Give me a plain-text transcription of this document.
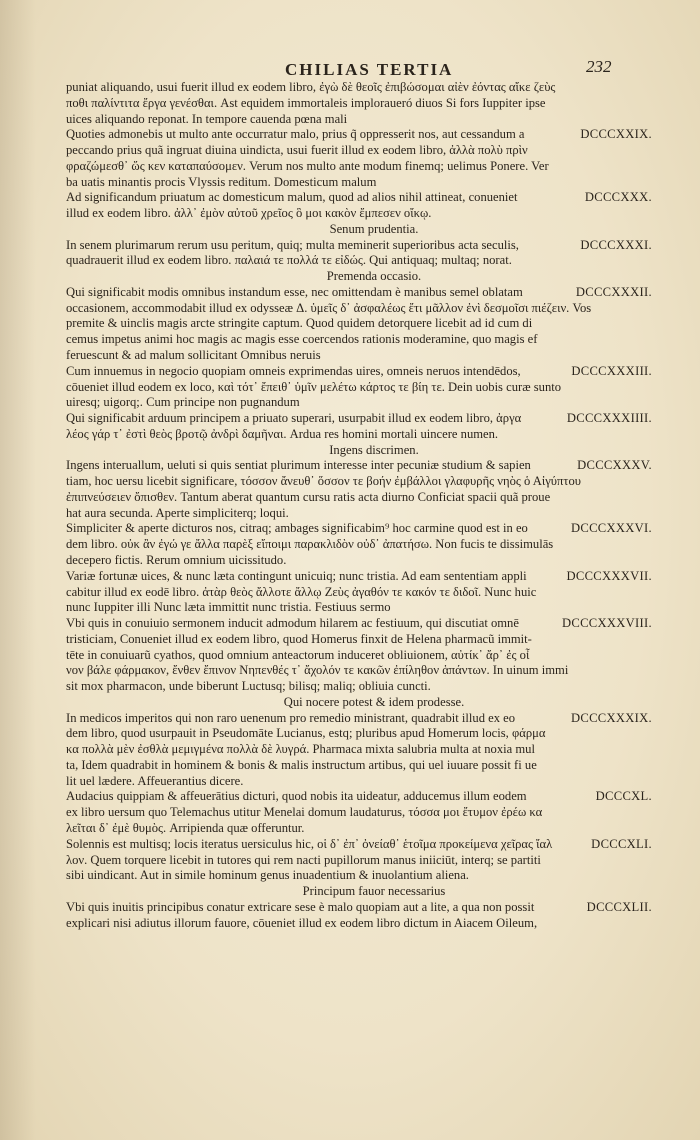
CHILIAS TERTIA	232
puniat aliquando, usui fuerit illud ex eodem libro, ἐγὼ δὲ θεοῖς ἐπιβώσομαι αἰὲν ἐόντας αἴκε ζεὺς
ποθι παλίντιτα ἔργα γενέσθαι. Ast equidem immortaleis imploraueró diuos Si fors Iuppiter ipse
uices aliquando reponat. In tempore cauenda pœna mali
Quoties admonebis ut multo ante occurratur malo, prius q̃ oppresserit nos, aut cessandum a	DCCCXXIX.
peccando prius quã ingruat diuina uindicta, usui fuerit illud ex eodem libro, ἀλλὰ πολὺ πρὶν
φραζώμεσθ᾽ ὥς κεν καταπαύσομεν. Verum nos multo ante modum finemq; uelimus Ponere. Ver
ba uatis minantis procis Vlyssis reditum. Domesticum malum
Ad significandum priuatum ac domesticum malum, quod ad alios nihil attineat, conueniet	DCCCXXX.
illud ex eodem libro. ἀλλ᾽ ἐμὸν αὐτοῦ χρεῖος ὃ μοι κακὸν ἔμπεσεν οἴκῳ.
Senum prudentia.
In senem plurimarum rerum usu peritum, quiq; multa meminerit superioribus acta seculis,	DCCCXXXI.
quadrauerit illud ex eodem libro. παλαιά τε πολλά τε εἰδώς. Qui antiquaq; multaq; norat.
Premenda occasio.
Qui significabit modis omnibus instandum esse, nec omittendam è manibus semel oblatam	DCCCXXXII.
occasionem, accommodabit illud ex odysseæ Δ. ὑμεῖς δ᾽ ἀσφαλέως ἔτι μᾶλλον ἐνὶ δεσμοῖσι πιέζειν. Vos
premite & uinclis magis arcte stringite captum. Quod quidem detorquere licebit ad id cum di
cemus impetus animi hoc magis ac magis esse coercendos rationis moderamine, quo magis ef
feruescunt & ad malum sollicitant Omnibus neruis
Cum innuemus in negocio quopiam omneis exprimendas uires, omneis neruos intendēdos,	DCCCXXXIII.
cōueniet illud eodem ex loco, καὶ τότ᾽ ἔπειθ᾽ ὑμῖν μελέτω κάρτος τε βίη τε. Dein uobis curæ sunto
uiresq; uigorq;. Cum principe non pugnandum
Qui significabit arduum principem a priuato superari, usurpabit illud ex eodem libro, ἀργα	DCCCXXXIIII.
λέος γάρ τ᾽ ἐστὶ θεὸς βροτῷ ἀνδρὶ δαμῆναι. Ardua res homini mortali uincere numen.
Ingens discrimen.
Ingens interuallum, ueluti si quis sentiat plurimum interesse inter pecuniæ studium & sapien	DCCCXXXV.
tiam, hoc uersu licebit significare, τόσσον ἄνευθ᾽ ὅσσον τε βοήν ἐμβάλλοι γλαφυρῆς νηὸς ὁ Αἰγύπτου
ἐπιπνεύσειεν ὄπισθεν. Tantum aberat quantum cursu ratis acta diurno Conficiat spacii quã proue
hat aura secunda. Aperte simpliciterq; loqui.
Simpliciter & aperte dicturos nos, citraq; ambages significabim⁹ hoc carmine quod est in eo	DCCCXXXVI.
dem libro. οὐκ ἂν ἐγώ γε ἄλλα παρὲξ εἴποιμι παρακλιδὸν οὐδ᾽ ἀπατήσω. Non fucis te dissimulās
decepero fictis. Rerum omnium uicissitudo.
Variæ fortunæ uices, & nunc læta contingunt unicuiq; nunc tristia. Ad eam sententiam appli	DCCCXXXVII.
cabitur illud ex eodē libro. ἀτὰρ θεὸς ἄλλοτε ἄλλῳ Ζεὺς ἀγαθόν τε κακόν τε διδοῖ. Nunc huic
nunc Iuppiter illi Nunc læta immittit nunc tristia. Festiuus sermo
Vbi quis in conuiuio sermonem inducit admodum hilarem ac festiuum, qui discutiat omnē	DCCCXXXVIII.
tristiciam, Conueniet illud ex eodem libro, quod Homerus finxit de Helena pharmacũ immit-
tēte in conuiuarũ cyathos, quod omnium anteactorum induceret obliuionem, αὐτίκ᾽ ἄρ᾽ ἐς οἶ
νον βάλε φάρμακον, ἔνθεν ἔπινον Νηπενθές τ᾽ ἄχολόν τε κακῶν ἐπίληθον ἁπάντων. In uinum immi
sit mox pharmacon, unde biberunt Luctusq; bilisq; maliq; obliuia cuncti.
Qui nocere potest & idem prodesse.
In medicos imperitos qui non raro uenenum pro remedio ministrant, quadrabit illud ex eo	DCCCXXXIX.
dem libro, quod usurpauit in Pseudomāte Lucianus, estq; pluribus apud Homerum locis, φάρμα
κα πολλὰ μὲν ἐσθλὰ μεμιγμένα πολλὰ δὲ λυγρά. Pharmaca mixta salubria multa at noxia mul
ta, Idem quadrabit in hominem & bonis & malis instructum artibus, qui uel iuuare possit fi ue
lit uel lædere. Affeuerantius dicere.
Audacius quippiam & affeuerātius dicturi, quod nobis ita uideatur, adducemus illum eodem	DCCCXL.
ex libro uersum quo Telemachus utitur Menelai domum laudaturus, τόσσα μοι ἔτυμον ἐρέω κα
λεῖται δ᾽ ἐμὲ θυμὸς. Arripienda quæ offeruntur.
Solennis est multisq; locis iteratus uersiculus hic, οἱ δ᾽ ἐπ᾽ ὀνείαθ᾽ ἑτοῖμα προκείμενα χεῖρας ἴαλ	DCCCXLI.
λον. Quem torquere licebit in tutores qui rem nacti pupillorum manus iniiciūt, interq; se partiti
sibi uindicant. Aut in simile hominum genus inuadentium & inuolantium aliena.
Principum fauor necessarius
Vbi quis inuitis principibus conatur extricare sese è malo quopiam aut a lite, a qua non possit	DCCCXLII.
explicari nisi adiutus illorum fauore, cōueniet illud ex eodem libro dictum in Aiacem Oileum,
